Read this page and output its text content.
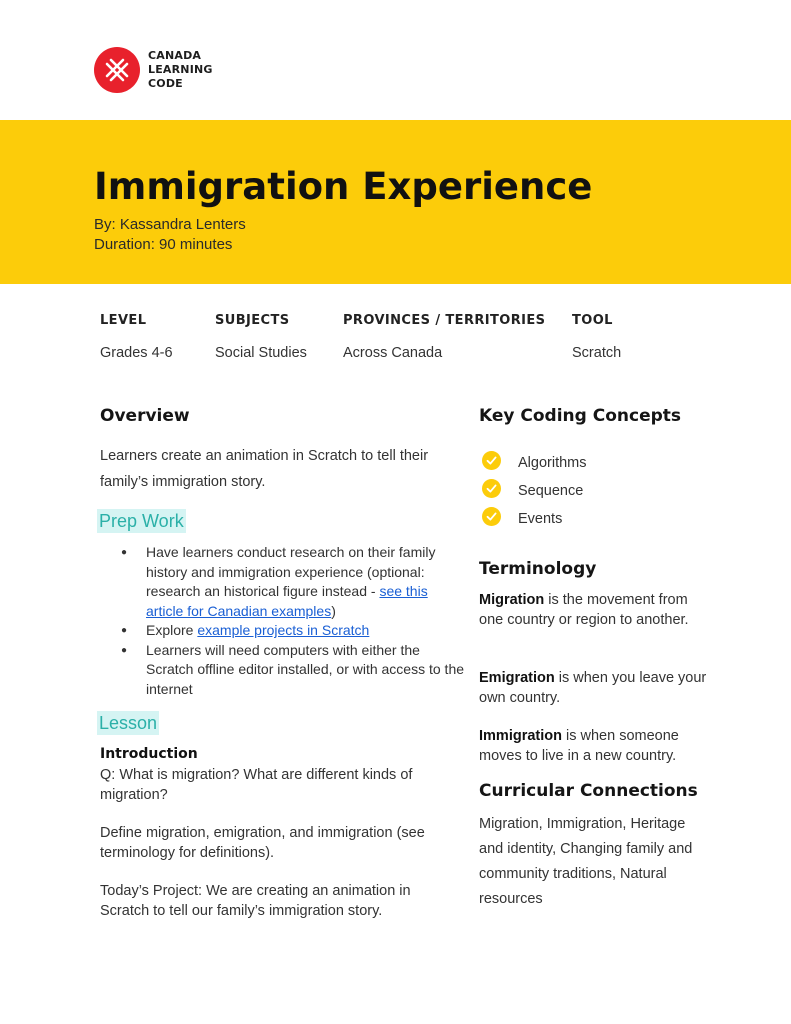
CANADA
LEARNING
CODE
Immigration Experience
By: Kassandra Lenters
Duration: 90 minutes
LEVEL
Grades 4-6
SUBJECTS
Social Studies
PROVINCES / TERRITORIES
Across Canada
TOOL
Scratch
Overview
Learners create an animation in Scratch to tell their family’s immigration story.
Prep Work
● Have learners conduct research on their family history and immigration experience (optional: research an historical figure instead - see this article for Canadian examples)
● Explore example projects in Scratch
● Learners will need computers with either the Scratch offline editor installed, or with access to the internet
Lesson
Introduction
Q: What is migration? What are different kinds of migration?
Define migration, emigration, and immigration (see terminology for definitions).
Today’s Project: We are creating an animation in Scratch to tell our family’s immigration story.
Key Coding Concepts
Algorithms
Sequence
Events
Terminology
Migration is the movement from one country or region to another.
Emigration is when you leave your own country.
Immigration is when someone moves to live in a new country.
Curricular Connections
Migration, Immigration, Heritage and identity, Changing family and community traditions, Natural resources
